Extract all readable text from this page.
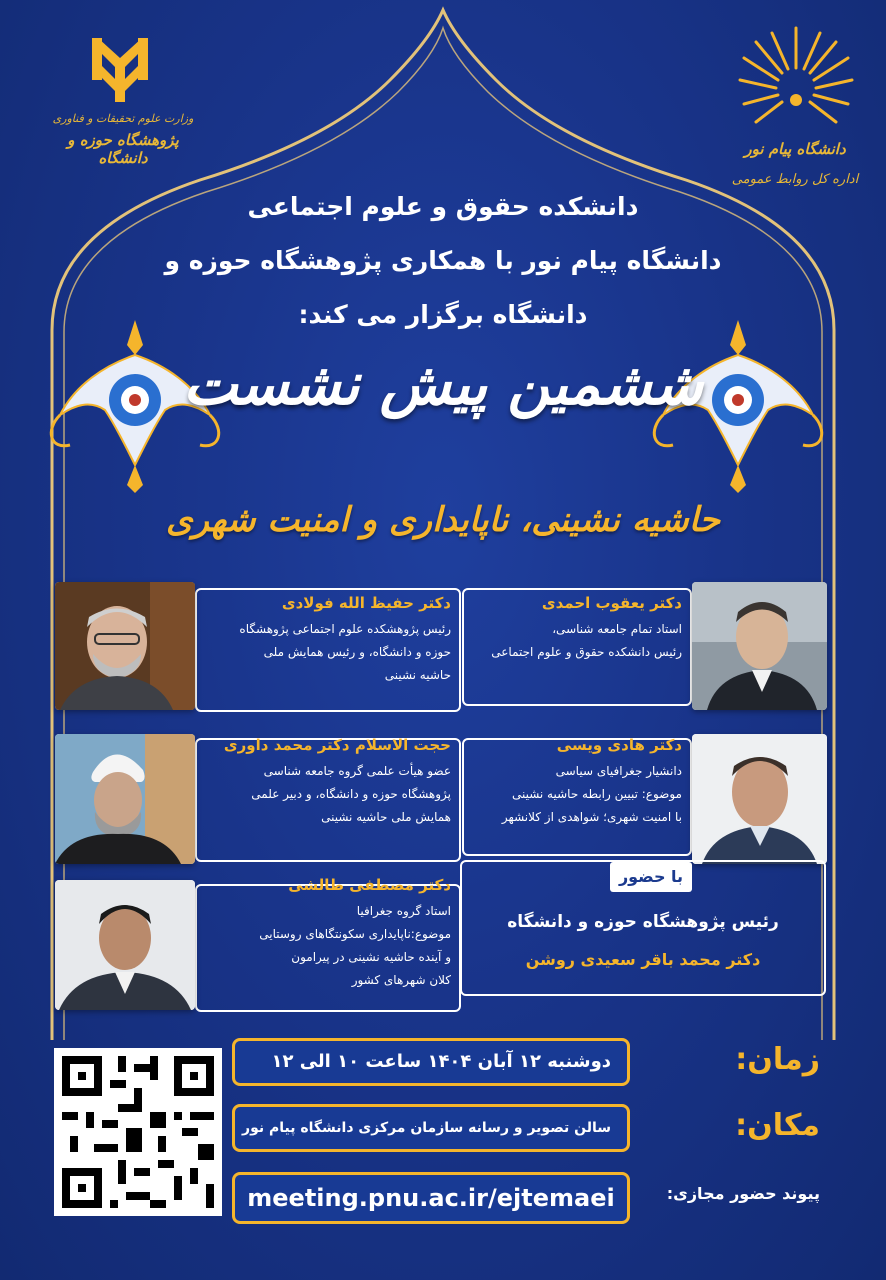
وزارت علوم تحقیقات و فناوری
پژوهشگاه حوزه و دانشگاه	دانشگاه پیام نور
اداره کل روابط عمومی
دانشکده حقوق و علوم اجتماعی
دانشگاه پیام نور با همکاری پژوهشگاه حوزه و
دانشگاه برگزار می کند:
ششمین پیش نشست
حاشیه نشینی، ناپایداری و امنیت شهری
دکتر یعقوب احمدی
استاد تمام جامعه شناسی،
رئیس دانشکده حقوق و علوم اجتماعی
دکتر حفیظ الله فولادی
رئیس پژوهشکده علوم اجتماعی پژوهشگاه
حوزه و دانشگاه، و رئیس همایش ملی
حاشیه نشینی
دکتر هادی ویسی
دانشیار جغرافیای سیاسی
موضوع: تبیین رابطه حاشیه نشینی
با امنیت شهری؛ شواهدی از کلانشهر
حجت الاسلام دکتر محمد داوری
عضو هیأت علمی گروه جامعه شناسی
پژوهشگاه حوزه و دانشگاه، و دبیر علمی
همایش ملی حاشیه نشینی
دکتر مصطفی طالشی
استاد گروه جغرافیا
موضوع:ناپایداری سکونتگاهای روستایی
و آینده حاشیه نشینی در پیرامون
کلان شهرهای کشور
با حضور
رئیس پژوهشگاه حوزه و دانشگاه
دکتر محمد باقر سعیدی روشن
زمان:
دوشنبه ۱۲ آبان ۱۴۰۴ ساعت ۱۰ الی ۱۲
مکان:
سالن تصویر و رسانه سازمان مرکزی دانشگاه پیام نور
پیوند حضور مجازی:
meeting.pnu.ac.ir/ejtemaei
